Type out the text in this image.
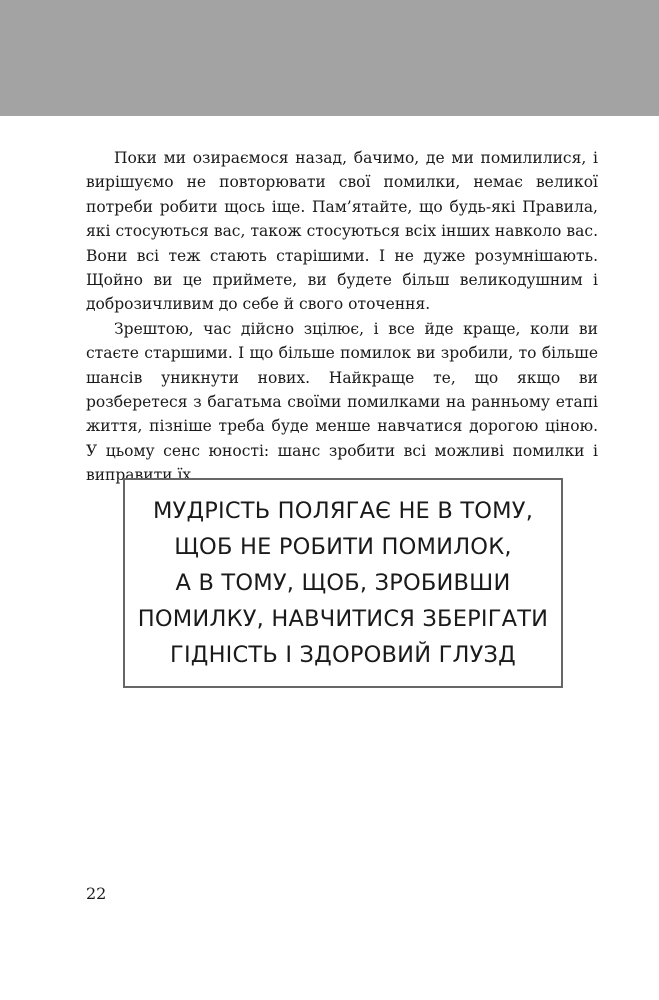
Поки ми озираємося назад, бачимо, де ми помилилися, і вирішуємо не повторювати свої помилки, немає великої потреби робити щось іще. Пам’ятайте, що будь-які Правила, які стосуються вас, також стосуються всіх інших навколо вас. Вони всі теж стають старішими. І не дуже розумнішають. Щойно ви це приймете, ви будете більш великодушним і доброзичливим до себе й свого оточення.

Зрештою, час дійсно зцілює, і все йде краще, коли ви стаєте старшими. І що більше помилок ви зробили, то більше шансів уникнути нових. Найкраще те, що якщо ви розберетеся з багатьма своїми помилками на ранньому етапі життя, пізніше треба буде менше навчатися дорогою ціною. У цьому сенс юності: шанс зробити всі можливі помилки і виправити їх.

МУДРІСТЬ ПОЛЯГАЄ НЕ В ТОМУ,
ЩОБ НЕ РОБИТИ ПОМИЛОК,
А В ТОМУ, ЩОБ, ЗРОБИВШИ
ПОМИЛКУ, НАВЧИТИСЯ ЗБЕРІГАТИ
ГІДНІСТЬ І ЗДОРОВИЙ ГЛУЗД

22
